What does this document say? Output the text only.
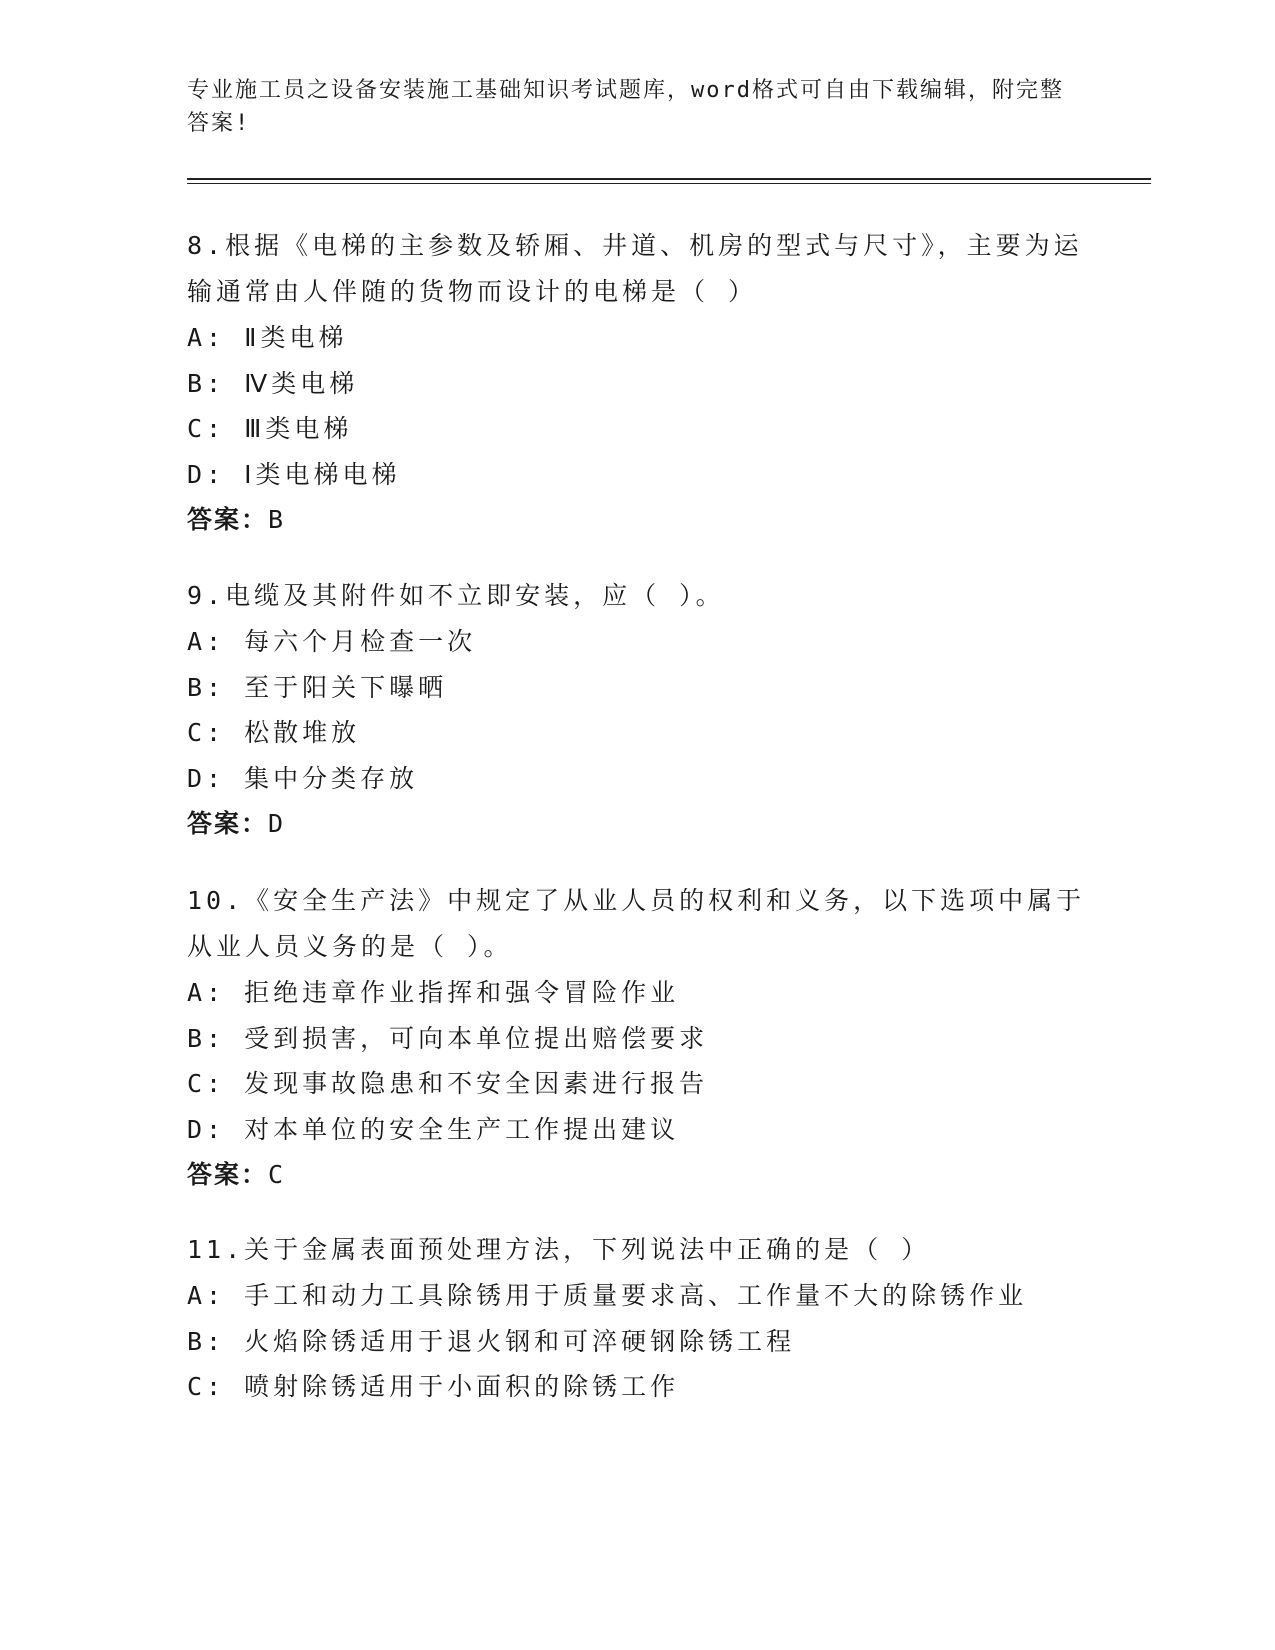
专业施工员之设备安装施工基础知识考试题库，word格式可自由下载编辑，附完整答案!

8.根据《电梯的主参数及轿厢、井道、机房的型式与尺寸》，主要为运输通常由人伴随的货物而设计的电梯是（ ）

A: Ⅱ类电梯

B: Ⅳ类电梯

C: Ⅲ类电梯

D: Ⅰ类电梯电梯

答案：B

9.电缆及其附件如不立即安装，应（ ）。

A: 每六个月检查一次

B: 至于阳关下曝晒

C: 松散堆放

D: 集中分类存放

答案：D

10.《安全生产法》中规定了从业人员的权利和义务，以下选项中属于从业人员义务的是（ ）。

A: 拒绝违章作业指挥和强令冒险作业

B: 受到损害，可向本单位提出赔偿要求

C: 发现事故隐患和不安全因素进行报告

D: 对本单位的安全生产工作提出建议

答案：C

11.关于金属表面预处理方法，下列说法中正确的是（ ）

A: 手工和动力工具除锈用于质量要求高、工作量不大的除锈作业

B: 火焰除锈适用于退火钢和可淬硬钢除锈工程

C: 喷射除锈适用于小面积的除锈工作
